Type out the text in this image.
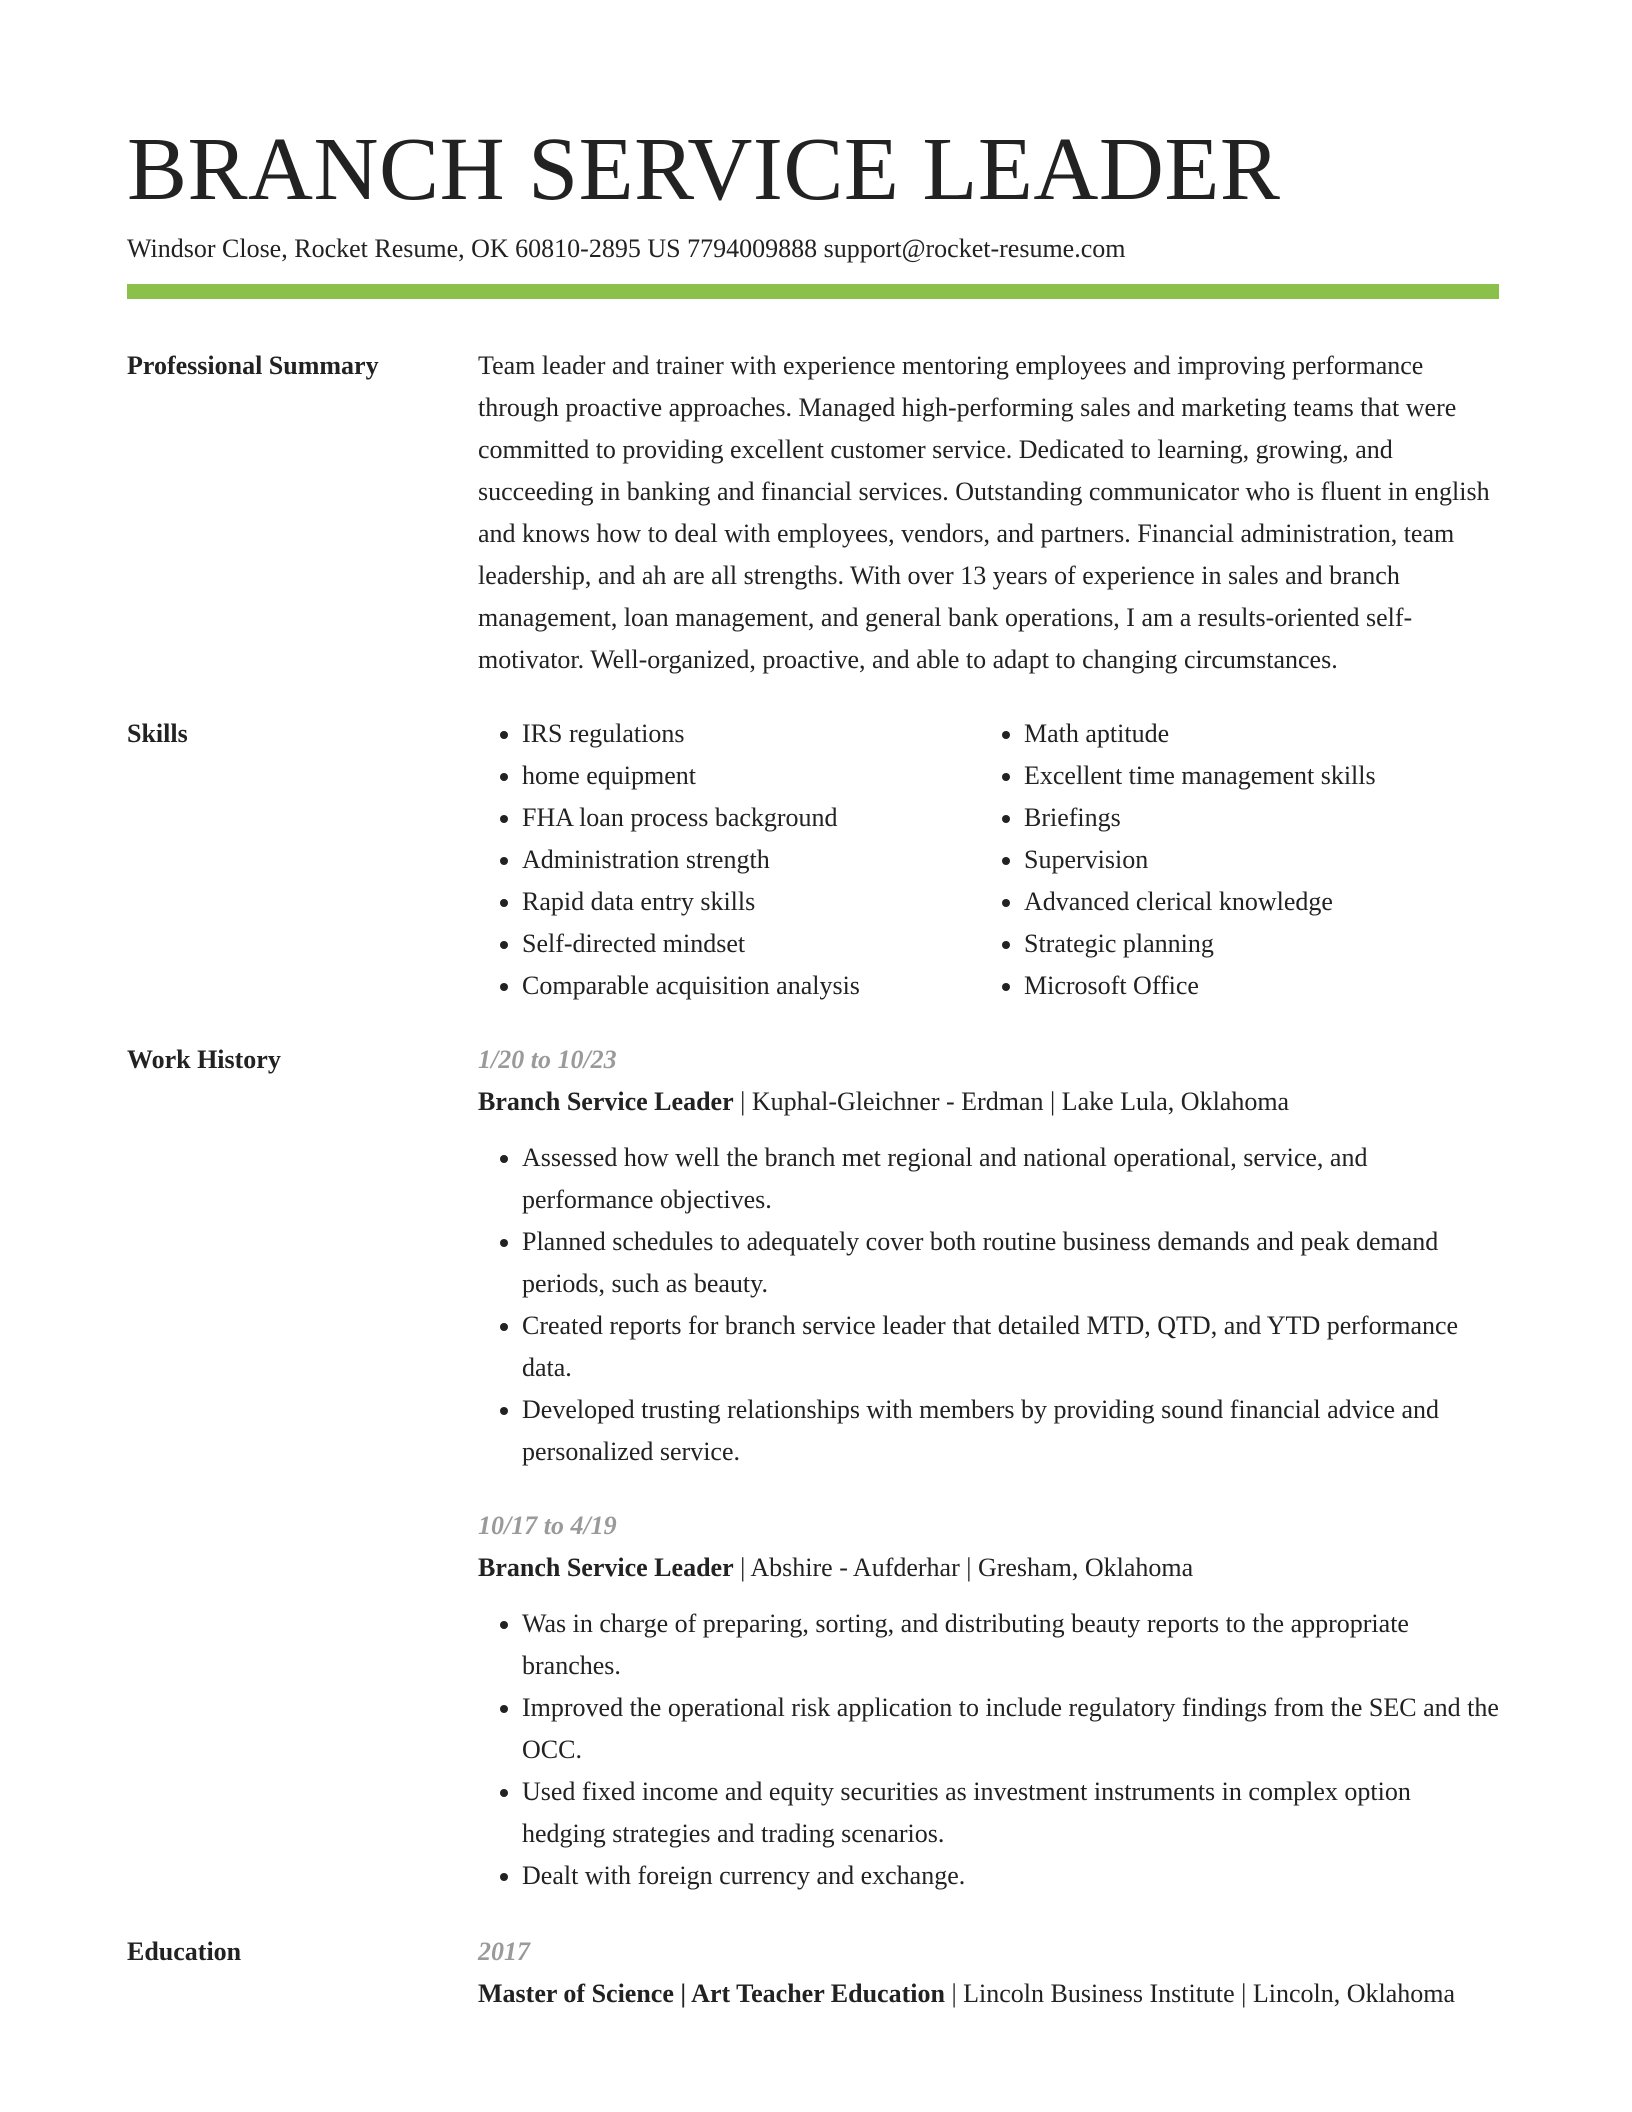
BRANCH SERVICE LEADER
Windsor Close, Rocket Resume, OK 60810-2895 US 7794009888 support@rocket-resume.com
Professional Summary	Team leader and trainer with experience mentoring employees and improving performance through proactive approaches. Managed high-performing sales and marketing teams that were committed to providing excellent customer service. Dedicated to learning, growing, and succeeding in banking and financial services. Outstanding communicator who is fluent in english and knows how to deal with employees, vendors, and partners. Financial administration, team leadership, and ah are all strengths. With over 13 years of experience in sales and branch management, loan management, and general bank operations, I am a results-oriented self-motivator. Well-organized, proactive, and able to adapt to changing circumstances.
Skills
•	IRS regulations
• home equipment
• FHA loan process background
• Administration strength
• Rapid data entry skills
• Self-directed mindset
• Comparable acquisition analysis
• Math aptitude
• Excellent time management skills
• Briefings
• Supervision
• Advanced clerical knowledge
• Strategic planning
• Microsoft Office
Work History	1/20 to 10/23
Branch Service Leader | Kuphal-Gleichner - Erdman | Lake Lula, Oklahoma
• Assessed how well the branch met regional and national operational, service, and performance objectives.
• Planned schedules to adequately cover both routine business demands and peak demand periods, such as beauty.
• Created reports for branch service leader that detailed MTD, QTD, and YTD performance data.
• Developed trusting relationships with members by providing sound financial advice and personalized service.
10/17 to 4/19
Branch Service Leader | Abshire - Aufderhar | Gresham, Oklahoma
• Was in charge of preparing, sorting, and distributing beauty reports to the appropriate branches.
• Improved the operational risk application to include regulatory findings from the SEC and the OCC.
• Used fixed income and equity securities as investment instruments in complex option hedging strategies and trading scenarios.
• Dealt with foreign currency and exchange.
Education	2017
Master of Science | Art Teacher Education | Lincoln Business Institute | Lincoln, Oklahoma
